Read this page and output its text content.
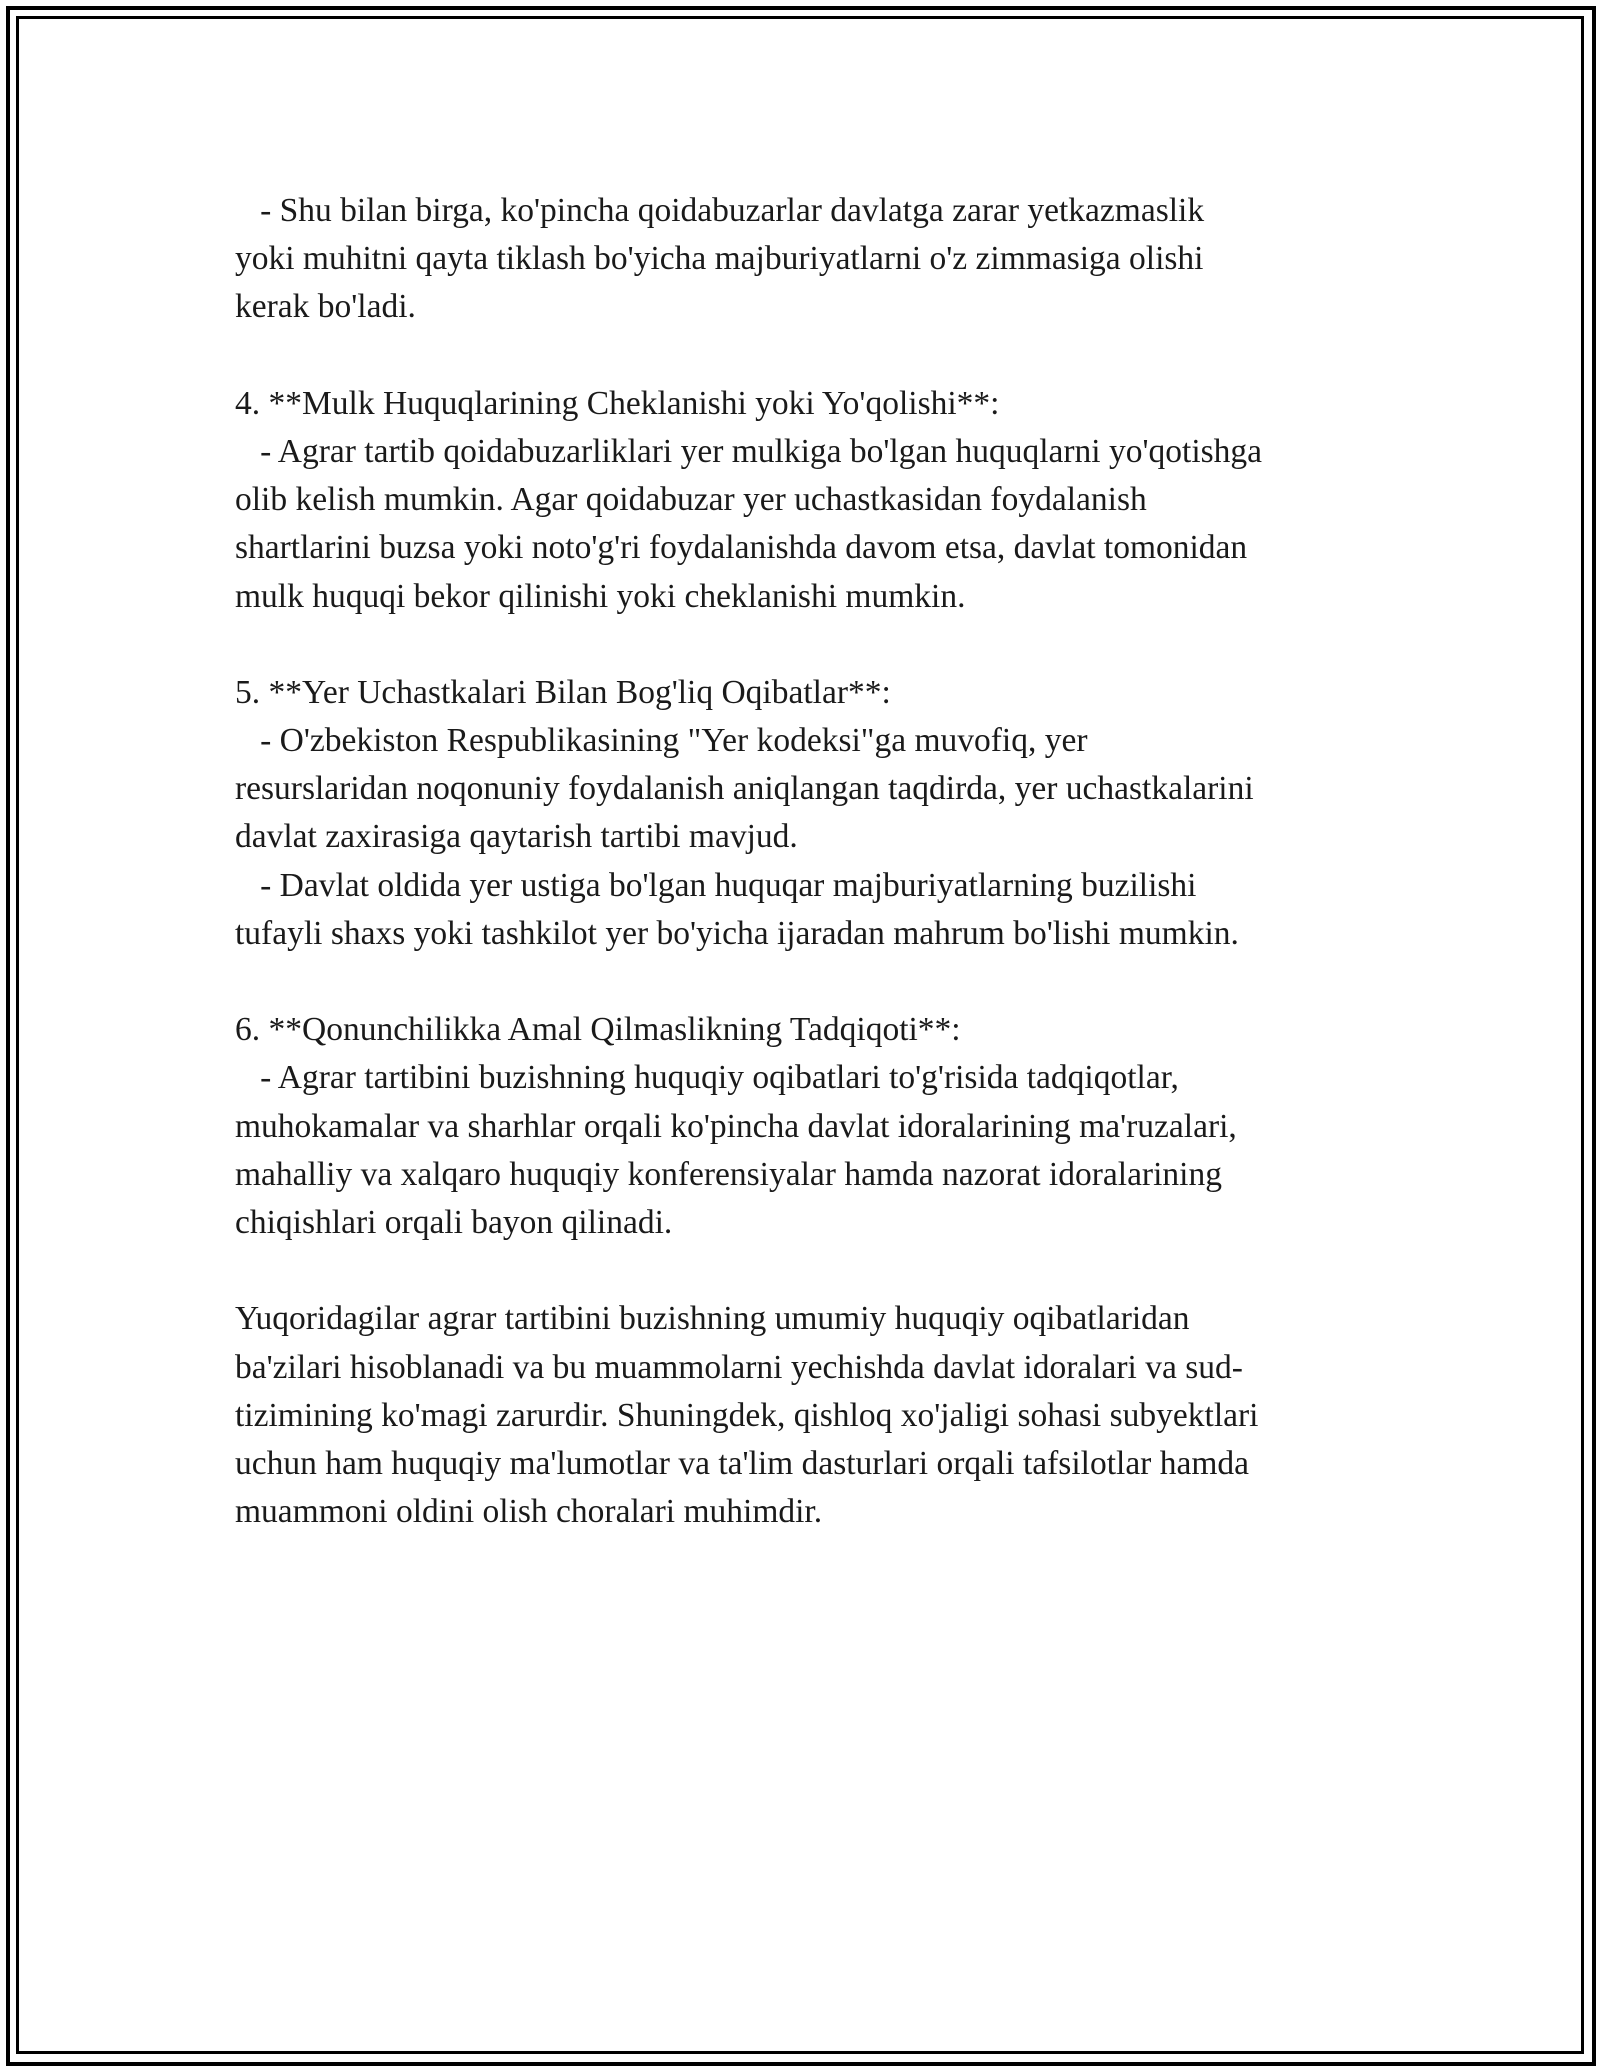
- Shu bilan birga, ko'pincha qoidabuzarlar davlatga zarar yetkazmaslik
yoki muhitni qayta tiklash bo'yicha majburiyatlarni o'z zimmasiga olishi
kerak bo'ladi.
4. **Mulk Huquqlarining Cheklanishi yoki Yo'qolishi**:
- Agrar tartib qoidabuzarliklari yer mulkiga bo'lgan huquqlarni yo'qotishga
olib kelish mumkin. Agar qoidabuzar yer uchastkasidan foydalanish
shartlarini buzsa yoki noto'g'ri foydalanishda davom etsa, davlat tomonidan
mulk huquqi bekor qilinishi yoki cheklanishi mumkin.
5. **Yer Uchastkalari Bilan Bog'liq Oqibatlar**:
- O'zbekiston Respublikasining "Yer kodeksi"ga muvofiq, yer
resurslaridan noqonuniy foydalanish aniqlangan taqdirda, yer uchastkalarini
davlat zaxirasiga qaytarish tartibi mavjud.
- Davlat oldida yer ustiga bo'lgan huquqar majburiyatlarning buzilishi
tufayli shaxs yoki tashkilot yer bo'yicha ijaradan mahrum bo'lishi mumkin.
6. **Qonunchilikka Amal Qilmaslikning Tadqiqoti**:
- Agrar tartibini buzishning huquqiy oqibatlari to'g'risida tadqiqotlar,
muhokamalar va sharhlar orqali ko'pincha davlat idoralarining ma'ruzalari,
mahalliy va xalqaro huquqiy konferensiyalar hamda nazorat idoralarining
chiqishlari orqali bayon qilinadi.
Yuqoridagilar agrar tartibini buzishning umumiy huquqiy oqibatlaridan
ba'zilari hisoblanadi va bu muammolarni yechishda davlat idoralari va sud-
tizimining ko'magi zarurdir. Shuningdek, qishloq xo'jaligi sohasi subyektlari
uchun ham huquqiy ma'lumotlar va ta'lim dasturlari orqali tafsilotlar hamda
muammoni oldini olish choralari muhimdir.
